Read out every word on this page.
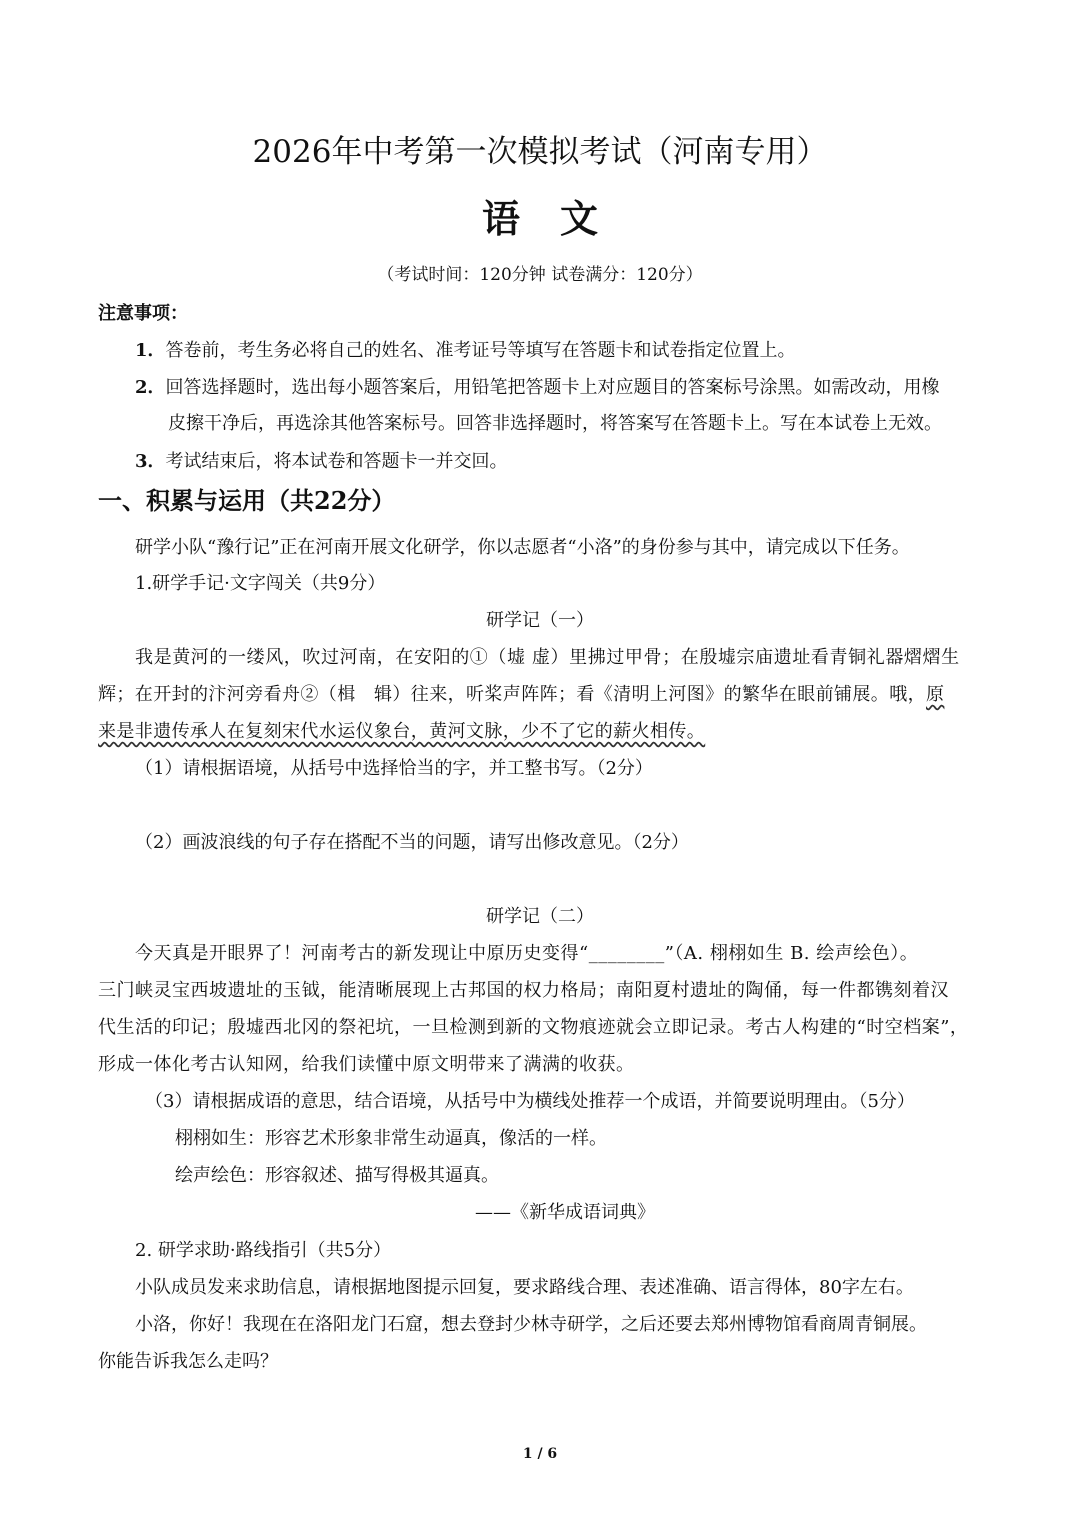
2026年中考第一次模拟考试（河南专用）
语文
（考试时间：120分钟 试卷满分：120分）
注意事项：
1．答卷前，考生务必将自己的姓名、准考证号等填写在答题卡和试卷指定位置上。
2．回答选择题时，选出每小题答案后，用铅笔把答题卡上对应题目的答案标号涂黑。如需改动，用橡
皮擦干净后，再选涂其他答案标号。回答非选择题时，将答案写在答题卡上。写在本试卷上无效。
3．考试结束后，将本试卷和答题卡一并交回。
一、积累与运用（共22分）
研学小队“豫行记”正在河南开展文化研学，你以志愿者“小洛”的身份参与其中，请完成以下任务。
1.研学手记·文字闯关（共9分）
研学记（一）
我是黄河的一缕风，吹过河南，在安阳的①（墟 虚）里拂过甲骨；在殷墟宗庙遗址看青铜礼器熠熠生
辉；在开封的汴河旁看舟②（楫　辑）往来，听桨声阵阵；看《清明上河图》的繁华在眼前铺展。哦，原
来是非遗传承人在复刻宋代水运仪象台，黄河文脉，少不了它的薪火相传。
（1）请根据语境，从括号中选择恰当的字，并工整书写。（2分）
（2）画波浪线的句子存在搭配不当的问题，请写出修改意见。（2分）
研学记（二）
今天真是开眼界了！河南考古的新发现让中原历史变得“________”（A. 栩栩如生 B. 绘声绘色）。
三门峡灵宝西坡遗址的玉钺，能清晰展现上古邦国的权力格局；南阳夏村遗址的陶俑，每一件都镌刻着汉
代生活的印记；殷墟西北冈的祭祀坑，一旦检测到新的文物痕迹就会立即记录。考古人构建的“时空档案”，
形成一体化考古认知网，给我们读懂中原文明带来了满满的收获。
（3）请根据成语的意思，结合语境，从括号中为横线处推荐一个成语，并简要说明理由。（5分）
栩栩如生：形容艺术形象非常生动逼真，像活的一样。
绘声绘色：形容叙述、描写得极其逼真。
——《新华成语词典》
2. 研学求助·路线指引（共5分）
小队成员发来求助信息，请根据地图提示回复，要求路线合理、表述准确、语言得体，80字左右。
小洛，你好！我现在在洛阳龙门石窟，想去登封少林寺研学，之后还要去郑州博物馆看商周青铜展。
你能告诉我怎么走吗？
1 / 6
